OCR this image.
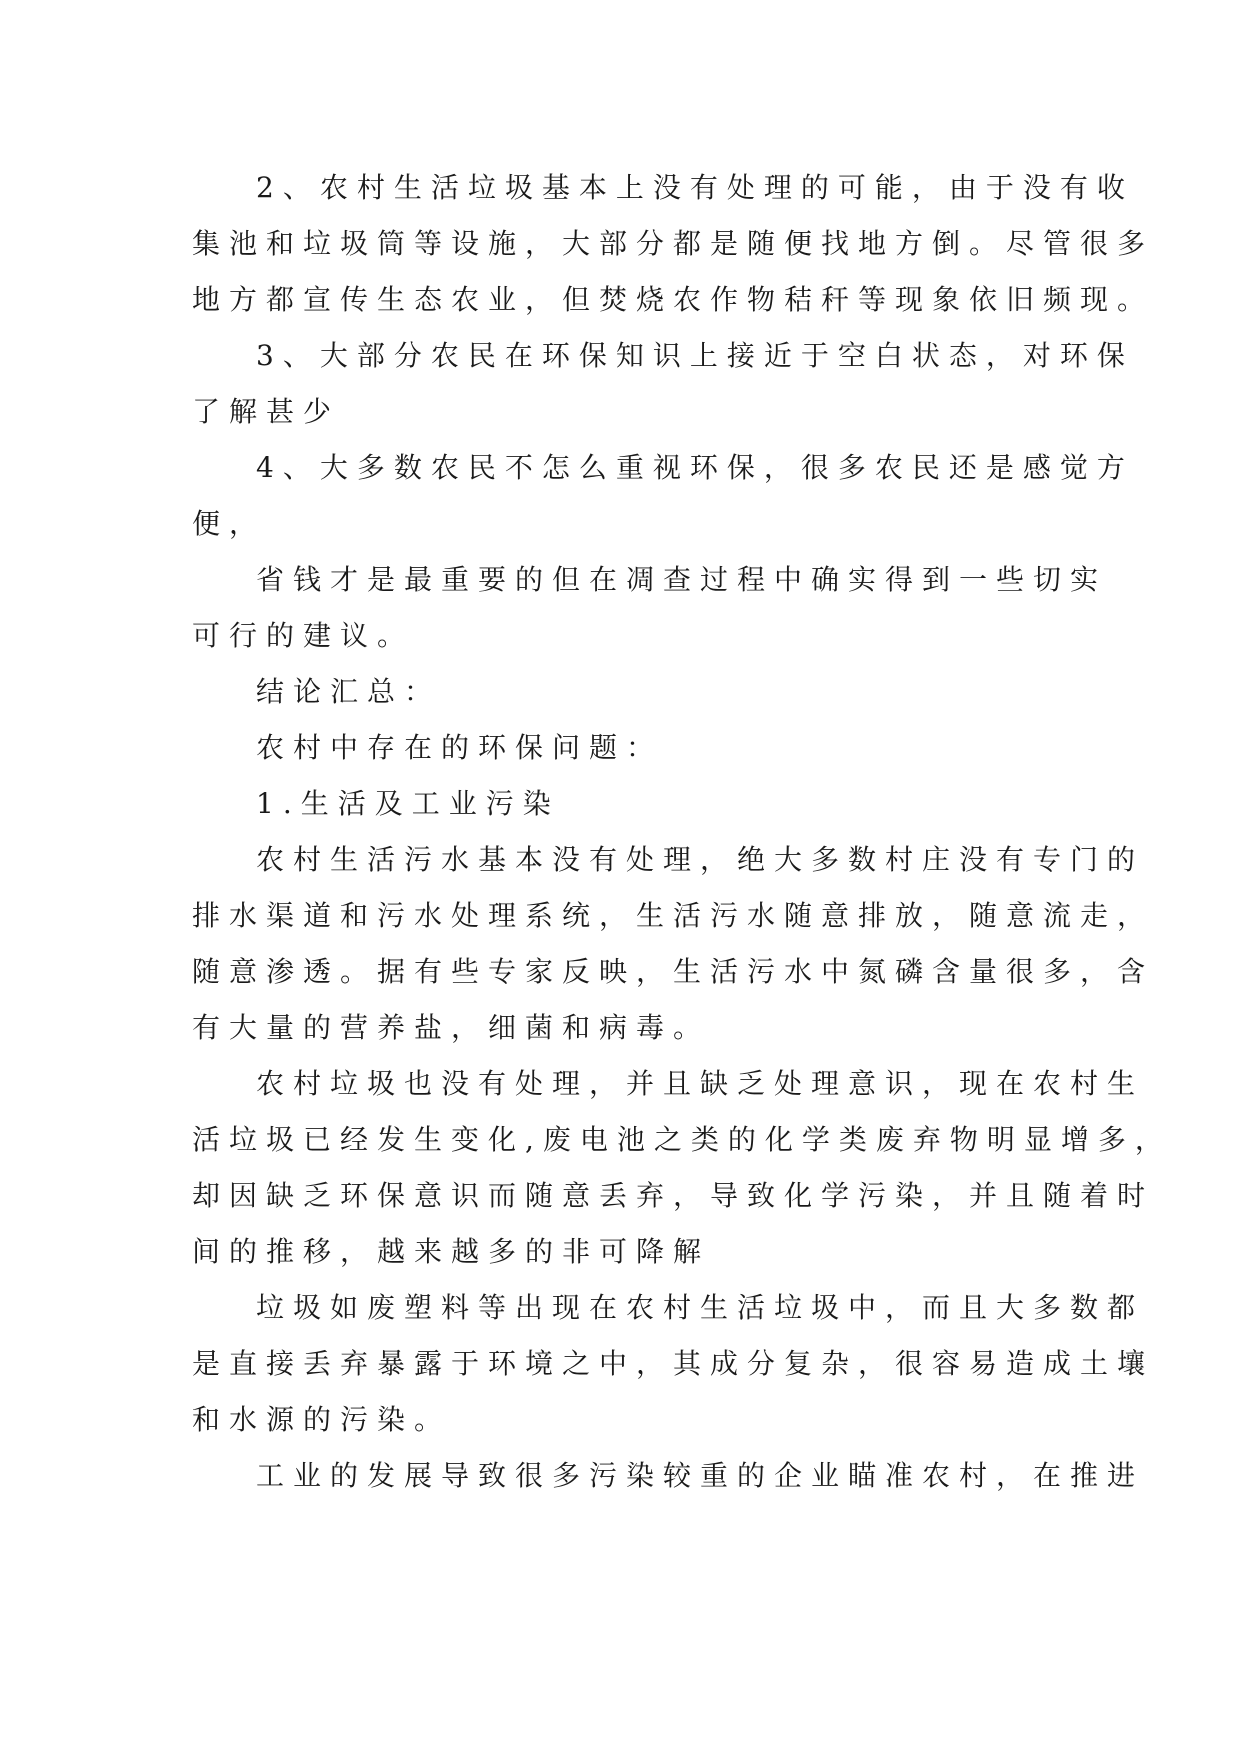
2、农村生活垃圾基本上没有处理的可能，由于没有收
集池和垃圾筒等设施，大部分都是随便找地方倒。尽管很多
地方都宣传生态农业，但焚烧农作物秸秆等现象依旧频现。

3、大部分农民在环保知识上接近于空白状态，对环保
了解甚少

4、大多数农民不怎么重视环保，很多农民还是感觉方
便，

省钱才是最重要的但在凋查过程中确实得到一些切实
可行的建议。

结论汇总：

农村中存在的环保问题：

1.生活及工业污染

农村生活污水基本没有处理，绝大多数村庄没有专门的
排水渠道和污水处理系统，生活污水随意排放，随意流走，
随意渗透。据有些专家反映，生活污水中氮磷含量很多，含
有大量的营养盐，细菌和病毒。

农村垃圾也没有处理，并且缺乏处理意识，现在农村生
活垃圾已经发生变化,废电池之类的化学类废弃物明显增多，
却因缺乏环保意识而随意丢弃，导致化学污染，并且随着时
间的推移，越来越多的非可降解

垃圾如废塑料等出现在农村生活垃圾中，而且大多数都
是直接丢弃暴露于环境之中，其成分复杂，很容易造成土壤
和水源的污染。

工业的发展导致很多污染较重的企业瞄准农村，在推进
